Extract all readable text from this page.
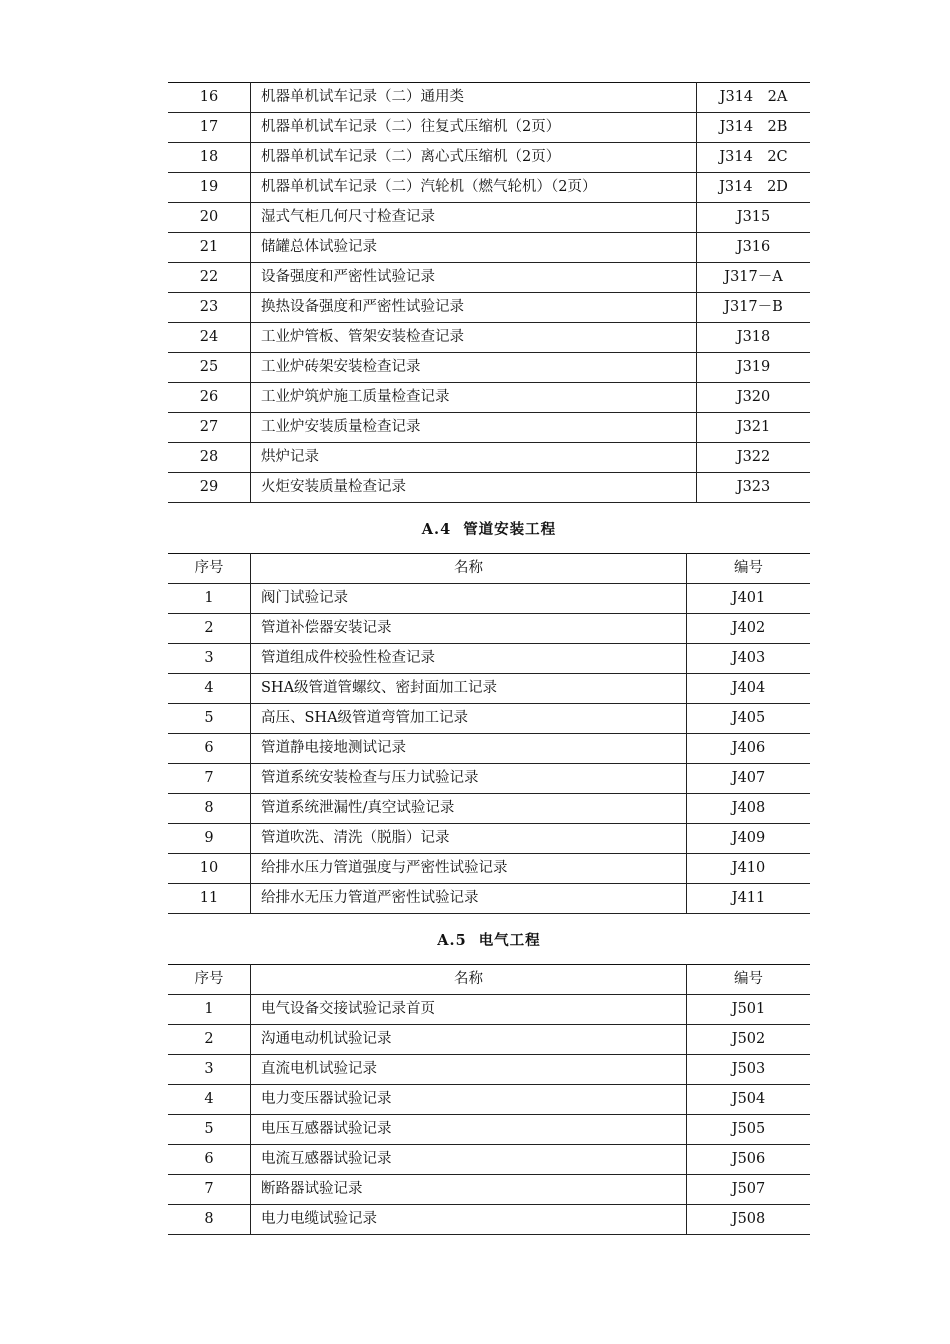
16	机器单机试车记录（二）通用类	J314　2A
17	机器单机试车记录（二）往复式压缩机（2页）	J314　2B
18	机器单机试车记录（二）离心式压缩机（2页）	J314　2C
19	机器单机试车记录（二）汽轮机（燃气轮机）（2页）	J314　2D
20	湿式气柜几何尺寸检查记录	J315
21	储罐总体试验记录	J316
22	设备强度和严密性试验记录	J317－A
23	换热设备强度和严密性试验记录	J317－B
24	工业炉管板、管架安装检查记录	J318
25	工业炉砖架安装检查记录	J319
26	工业炉筑炉施工质量检查记录	J320
27	工业炉安装质量检查记录	J321
28	烘炉记录	J322
29	火炬安装质量检查记录	J323
A.4 管道安装工程
序号	名称	编号
1	阀门试验记录	J401
2	管道补偿器安装记录	J402
3	管道组成件校验性检查记录	J403
4	SHA级管道管螺纹、密封面加工记录	J404
5	高压、SHA级管道弯管加工记录	J405
6	管道静电接地测试记录	J406
7	管道系统安装检查与压力试验记录	J407
8	管道系统泄漏性/真空试验记录	J408
9	管道吹洗、清洗（脱脂）记录	J409
10	给排水压力管道强度与严密性试验记录	J410
11	给排水无压力管道严密性试验记录	J411
A.5 电气工程
序号	名称	编号
1	电气设备交接试验记录首页	J501
2	沟通电动机试验记录	J502
3	直流电机试验记录	J503
4	电力变压器试验记录	J504
5	电压互感器试验记录	J505
6	电流互感器试验记录	J506
7	断路器试验记录	J507
8	电力电缆试验记录	J508
